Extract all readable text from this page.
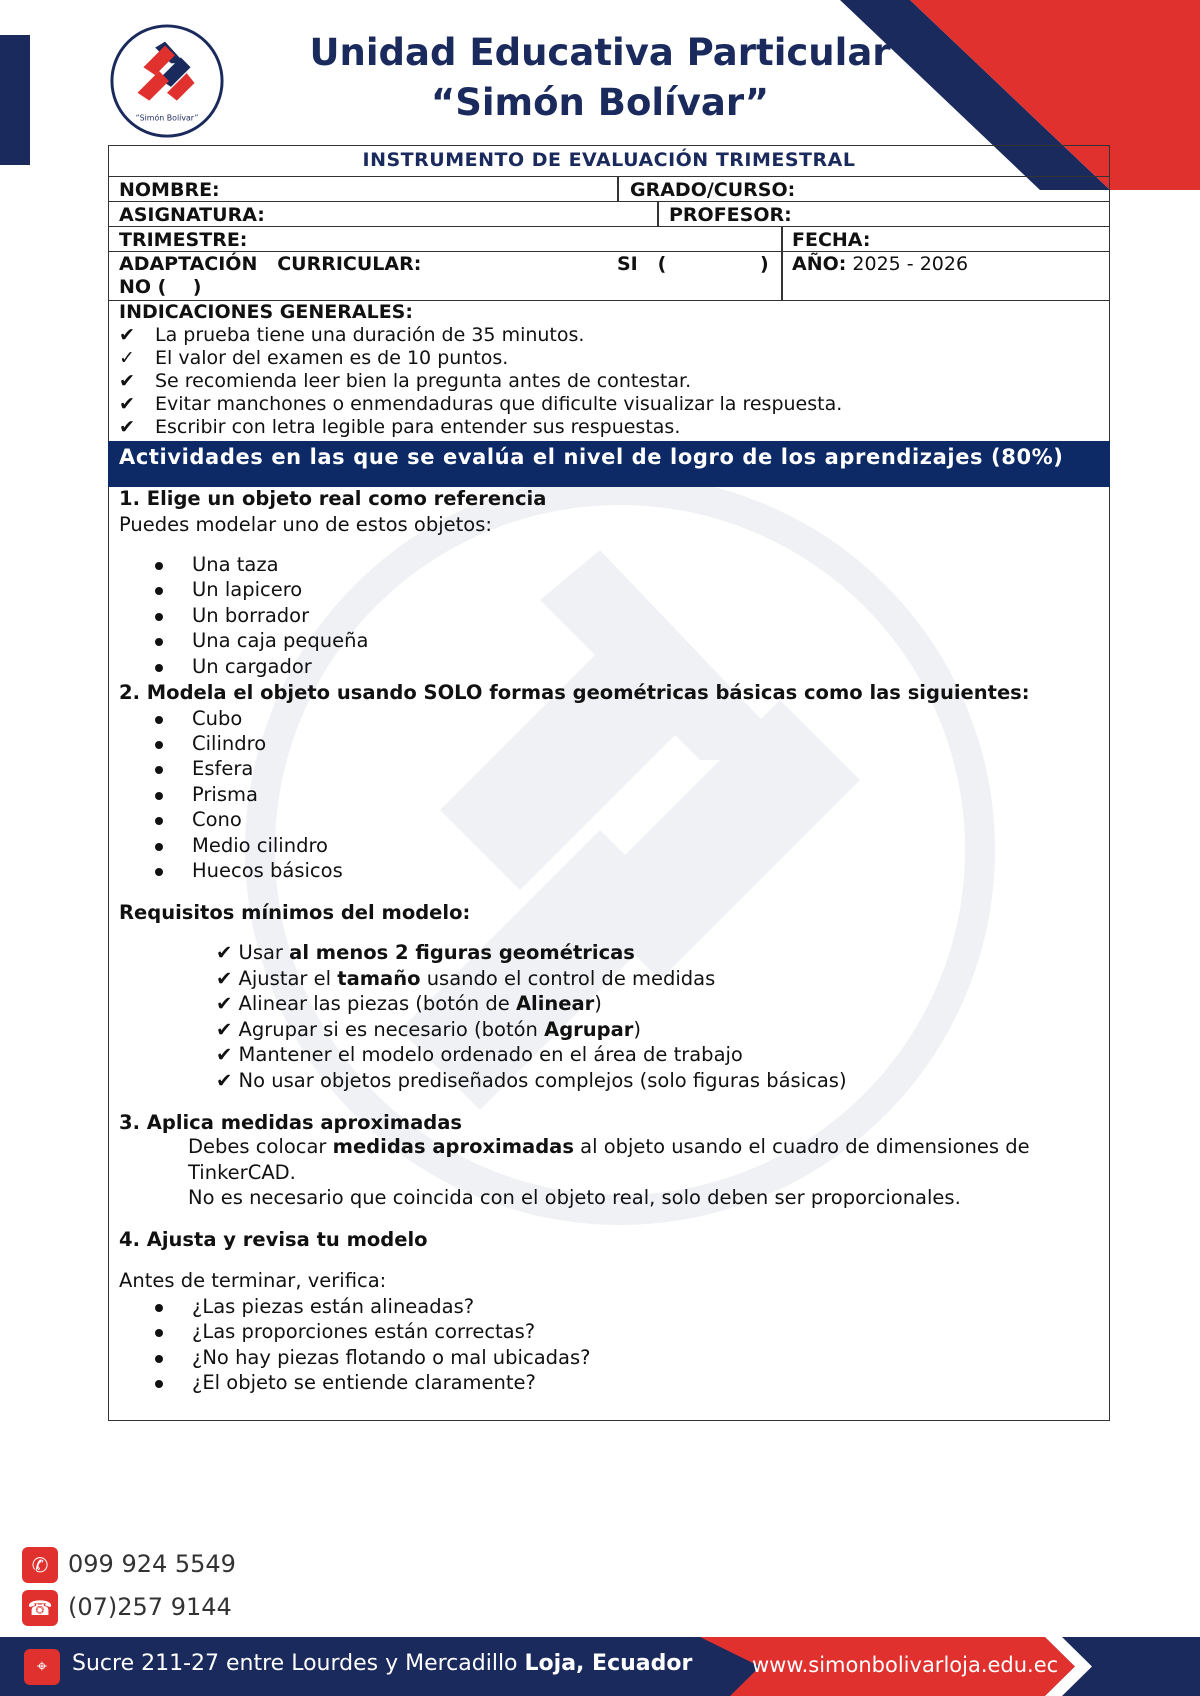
“Simón Bolívar”
Unidad Educativa Particular
“Simón Bolívar”
INSTRUMENTO DE EVALUACIÓN TRIMESTRAL
NOMBRE:	GRADO/CURSO:
ASIGNATURA:	PROFESOR:
TRIMESTRE:	FECHA:
ADAPTACIÓN   CURRICULAR:	SI   (	)
NO (    )
AÑO: 2025 - 2026
INDICACIONES GENERALES:
✔ La prueba tiene una duración de 35 minutos.
✓ El valor del examen es de 10 puntos.
✔ Se recomienda leer bien la pregunta antes de contestar.
✔ Evitar manchones o enmendaduras que dificulte visualizar la respuesta.
✔ Escribir con letra legible para entender sus respuestas.
Actividades en las que se evalúa el nivel de logro de los aprendizajes (80%)
1. Elige un objeto real como referencia
Puedes modelar uno de estos objetos:
Una taza
Un lapicero
Un borrador
Una caja pequeña
Un cargador
2. Modela el objeto usando SOLO formas geométricas básicas como las siguientes:
Cubo
Cilindro
Esfera
Prisma
Cono
Medio cilindro
Huecos básicos
Requisitos mínimos del modelo:
✔ Usar al menos 2 figuras geométricas
✔ Ajustar el tamaño usando el control de medidas
✔ Alinear las piezas (botón de Alinear)
✔ Agrupar si es necesario (botón Agrupar)
✔ Mantener el modelo ordenado en el área de trabajo
✔ No usar objetos prediseñados complejos (solo figuras básicas)
3. Aplica medidas aproximadas
Debes colocar medidas aproximadas al objeto usando el cuadro de dimensiones de
TinkerCAD.
No es necesario que coincida con el objeto real, solo deben ser proporcionales.
4. Ajusta y revisa tu modelo
Antes de terminar, verifica:
¿Las piezas están alineadas?
¿Las proporciones están correctas?
¿No hay piezas flotando o mal ubicadas?
¿El objeto se entiende claramente?
✆ 099 924 5549
☎ (07)257 9144
⌖	Sucre 211-27 entre Lourdes y Mercadillo Loja, Ecuador	www.simonbolivarloja.edu.ec
